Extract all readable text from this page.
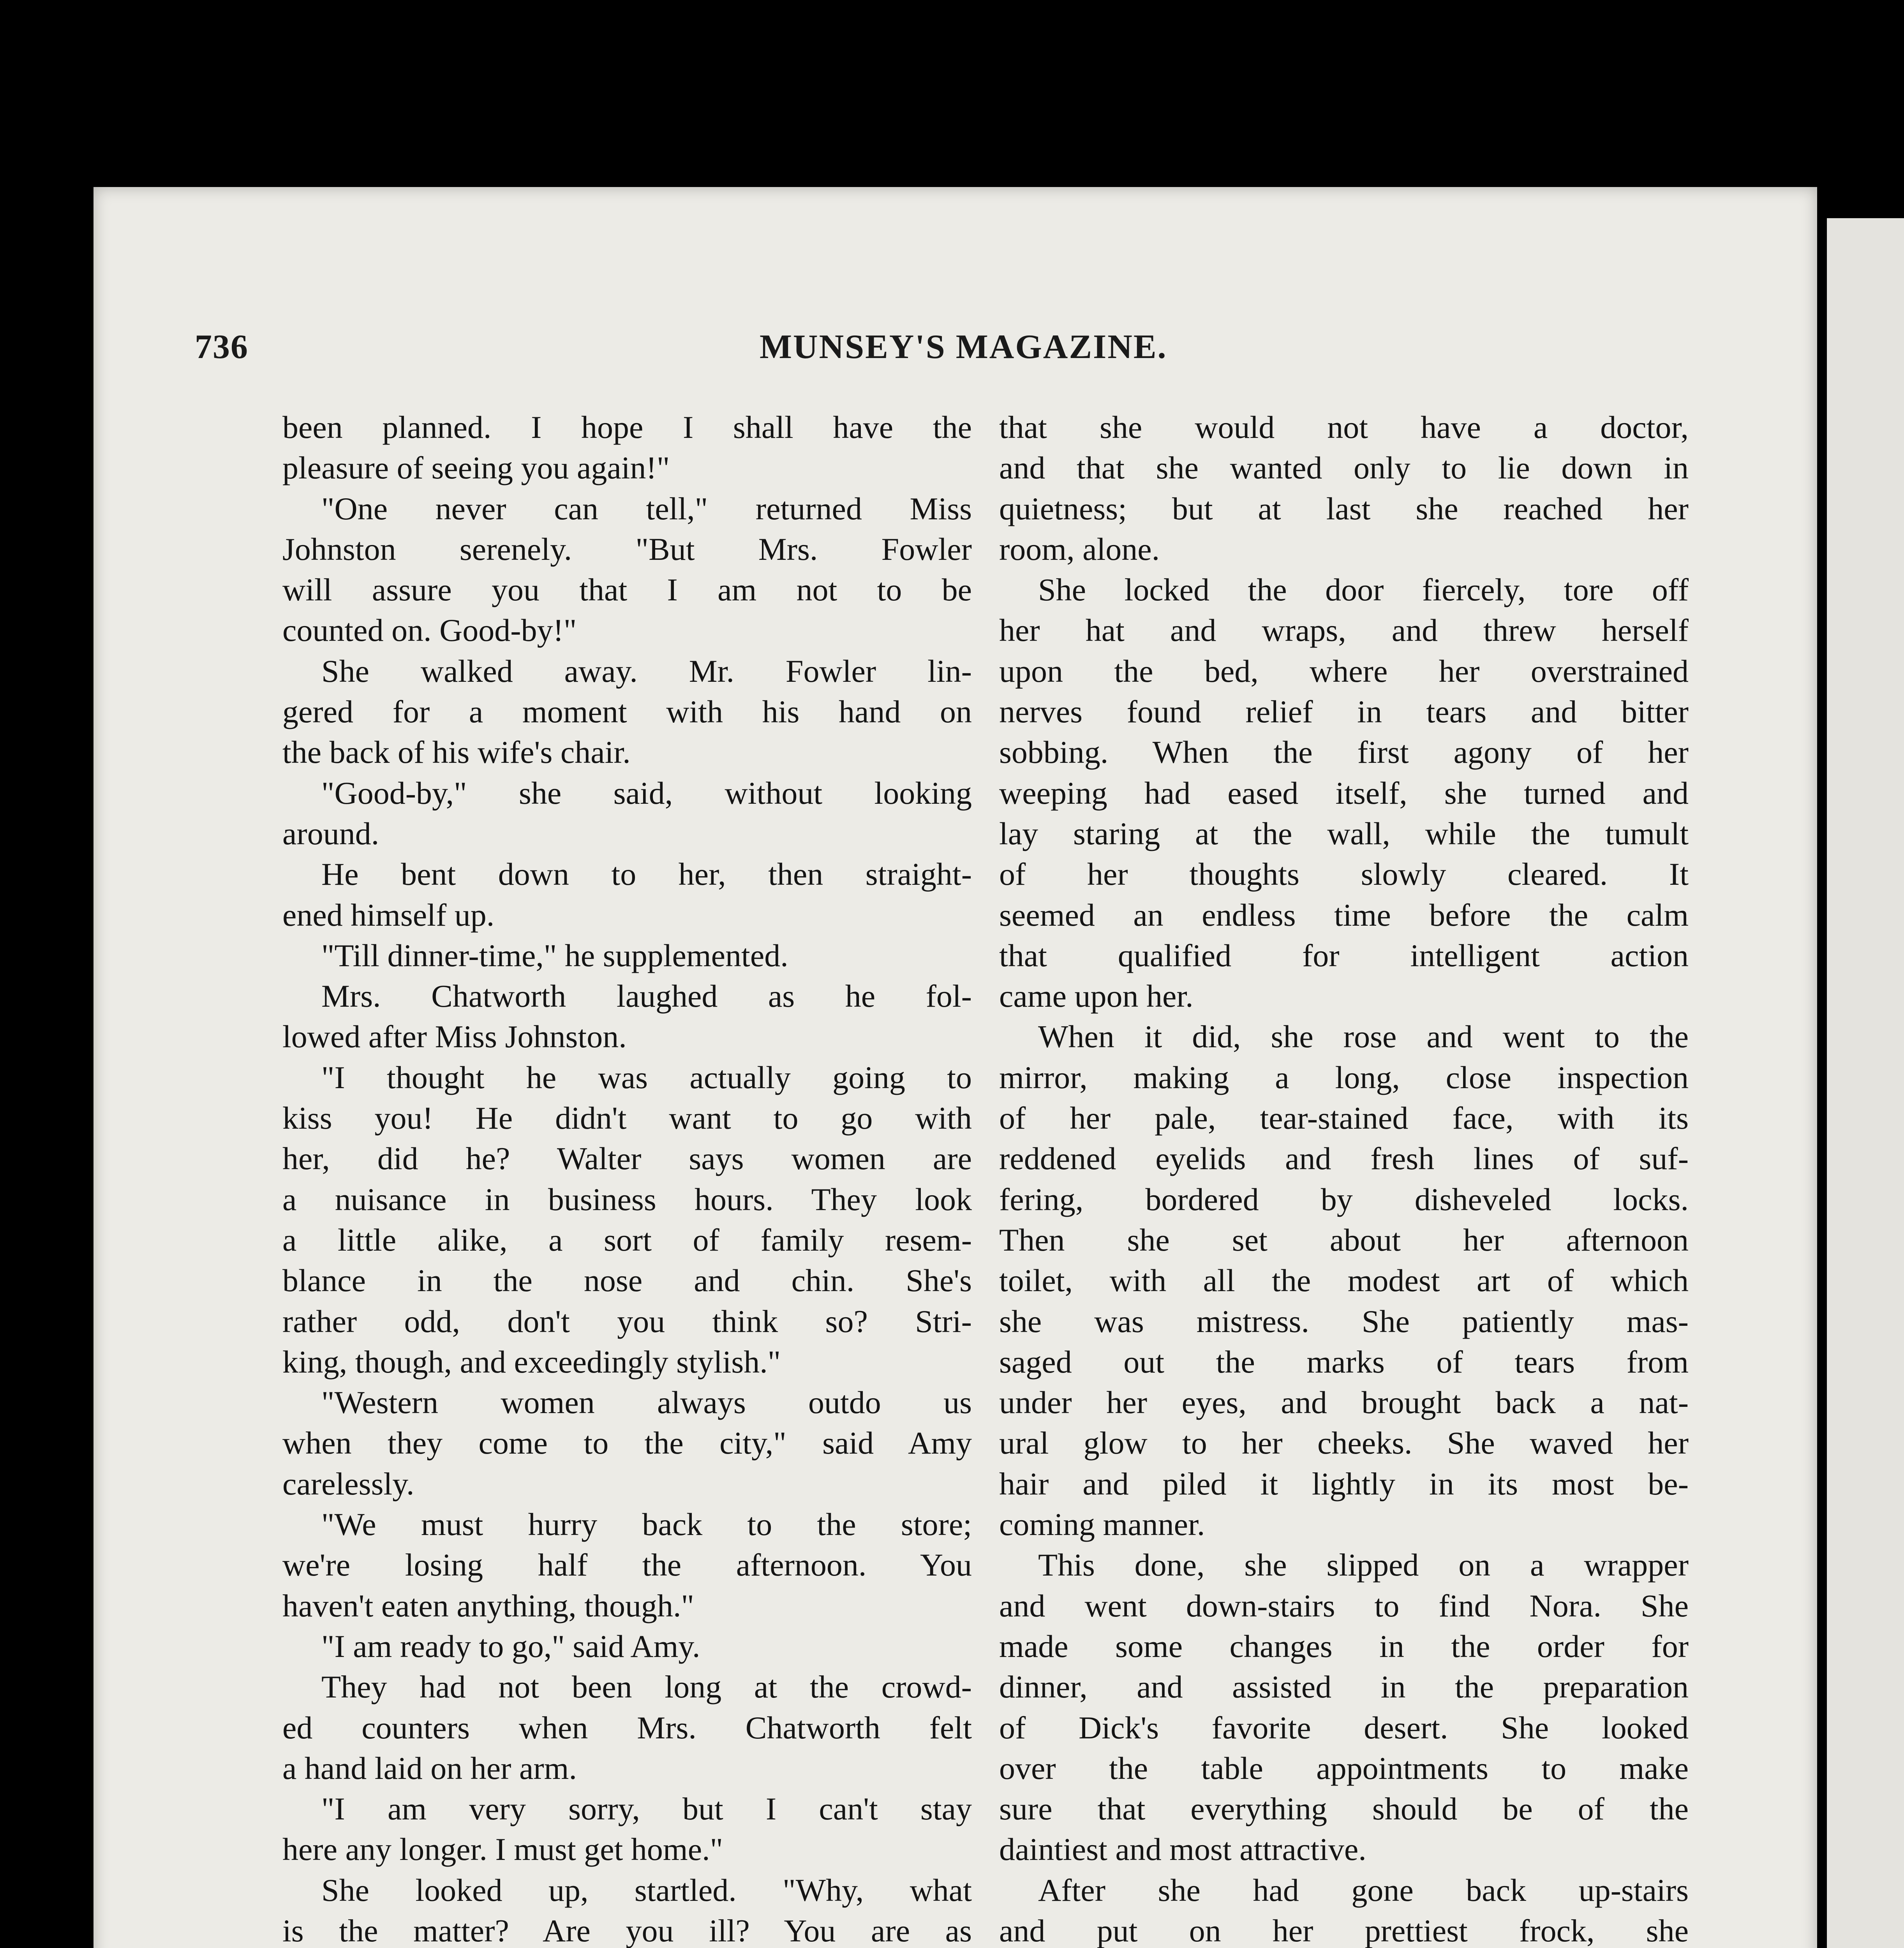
736	MUNSEY'S MAGAZINE.
been planned. I hope I shall have the
pleasure of seeing you again!"
"One never can tell," returned Miss
Johnston serenely. "But Mrs. Fowler
will assure you that I am not to be
counted on. Good-by!"
She walked away. Mr. Fowler lin-
gered for a moment with his hand on
the back of his wife's chair.
"Good-by," she said, without looking
around.
He bent down to her, then straight-
ened himself up.
"Till dinner-time," he supplemented.
Mrs. Chatworth laughed as he fol-
lowed after Miss Johnston.
"I thought he was actually going to
kiss you! He didn't want to go with
her, did he? Walter says women are
a nuisance in business hours. They look
a little alike, a sort of family resem-
blance in the nose and chin. She's
rather odd, don't you think so? Stri-
king, though, and exceedingly stylish."
"Western women always outdo us
when they come to the city," said Amy
carelessly.
"We must hurry back to the store;
we're losing half the afternoon. You
haven't eaten anything, though."
"I am ready to go," said Amy.
They had not been long at the crowd-
ed counters when Mrs. Chatworth felt
a hand laid on her arm.
"I am very sorry, but I can't stay
here any longer. I must get home."
She looked up, startled. "Why, what
is the matter? Are you ill? You are as
that she would not have a doctor,
and that she wanted only to lie down in
quietness; but at last she reached her
room, alone.
She locked the door fiercely, tore off
her hat and wraps, and threw herself
upon the bed, where her overstrained
nerves found relief in tears and bitter
sobbing. When the first agony of her
weeping had eased itself, she turned and
lay staring at the wall, while the tumult
of her thoughts slowly cleared. It
seemed an endless time before the calm
that qualified for intelligent action
came upon her.
When it did, she rose and went to the
mirror, making a long, close inspection
of her pale, tear-stained face, with its
reddened eyelids and fresh lines of suf-
fering, bordered by disheveled locks.
Then she set about her afternoon
toilet, with all the modest art of which
she was mistress. She patiently mas-
saged out the marks of tears from
under her eyes, and brought back a nat-
ural glow to her cheeks. She waved her
hair and piled it lightly in its most be-
coming manner.
This done, she slipped on a wrapper
and went down-stairs to find Nora. She
made some changes in the order for
dinner, and assisted in the preparation
of Dick's favorite desert. She looked
over the table appointments to make
sure that everything should be of the
daintiest and most attractive.
After she had gone back up-stairs
and put on her prettiest frock, she
